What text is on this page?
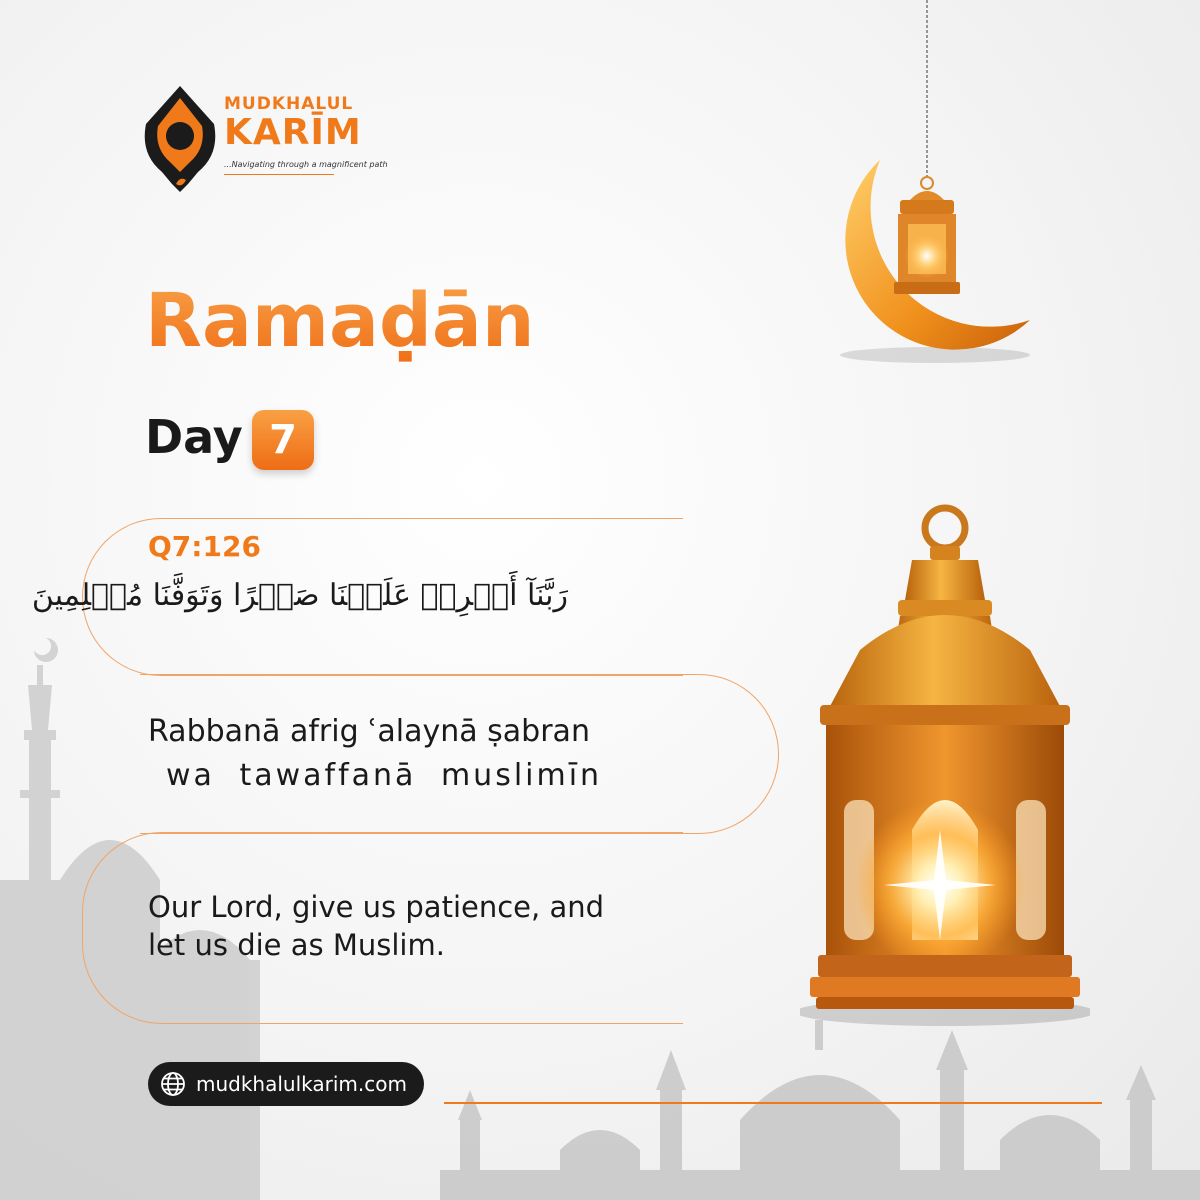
MUDKHALUL
KARĪM
...Navigating through a magnificent path
Ramaḍān
Day 7
Q7:126
رَبَّنَآ أَفۡرِغۡ عَلَيۡنَا صَبۡرًا وَتَوَفَّنَا مُسۡلِمِينَ
Rabbanā afrig ʿalaynā ṣabran
wa tawaffanā muslimīn
Our Lord, give us patience, and
let us die as Muslim.
mudkhalulkarim.com
